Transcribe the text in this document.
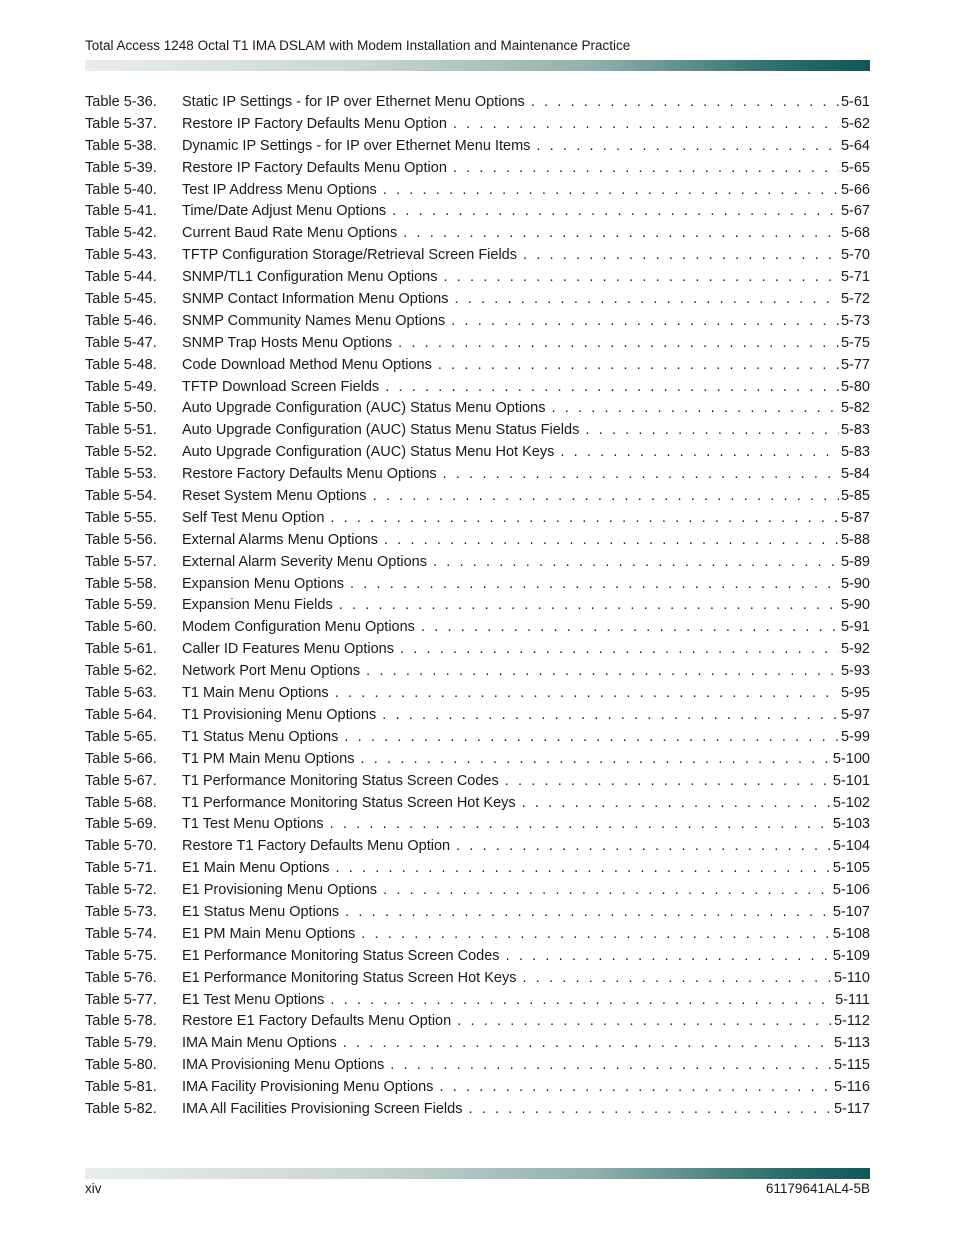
Total Access 1248 Octal T1 IMA DSLAM with Modem Installation and Maintenance Practice
Table 5-36. Static IP Settings - for IP over Ethernet Menu Options . . .	5-61
Table 5-37. Restore IP Factory Defaults Menu Option . . .	5-62
Table 5-38. Dynamic IP Settings - for IP over Ethernet Menu Items . . .	5-64
Table 5-39. Restore IP Factory Defaults Menu Option . . .	5-65
Table 5-40. Test IP Address Menu Options . . .	5-66
Table 5-41. Time/Date Adjust Menu Options . . .	5-67
Table 5-42. Current Baud Rate Menu Options . . .	5-68
Table 5-43. TFTP Configuration Storage/Retrieval Screen Fields . . .	5-70
Table 5-44. SNMP/TL1 Configuration Menu Options . . .	5-71
Table 5-45. SNMP Contact Information Menu Options . . .	5-72
Table 5-46. SNMP Community Names Menu Options . . .	5-73
Table 5-47. SNMP Trap Hosts Menu Options . . .	5-75
Table 5-48. Code Download Method Menu Options . . .	5-77
Table 5-49. TFTP Download Screen Fields . . .	5-80
Table 5-50. Auto Upgrade Configuration (AUC) Status Menu Options . . .	5-82
Table 5-51. Auto Upgrade Configuration (AUC) Status Menu Status Fields . . .	5-83
Table 5-52. Auto Upgrade Configuration (AUC) Status Menu Hot Keys . . .	5-83
Table 5-53. Restore Factory Defaults Menu Options . . .	5-84
Table 5-54. Reset System Menu Options . . .	5-85
Table 5-55. Self Test Menu Option . . .	5-87
Table 5-56. External Alarms Menu Options . . .	5-88
Table 5-57. External Alarm Severity Menu Options . . .	5-89
Table 5-58. Expansion Menu Options . . .	5-90
Table 5-59. Expansion Menu Fields . . .	5-90
Table 5-60. Modem Configuration Menu Options . . .	5-91
Table 5-61. Caller ID Features Menu Options . . .	5-92
Table 5-62. Network Port Menu Options . . .	5-93
Table 5-63. T1 Main Menu Options . . .	5-95
Table 5-64. T1 Provisioning Menu Options . . .	5-97
Table 5-65. T1 Status Menu Options . . .	5-99
Table 5-66. T1 PM Main Menu Options . . .	5-100
Table 5-67. T1 Performance Monitoring Status Screen Codes . . .	5-101
Table 5-68. T1 Performance Monitoring Status Screen Hot Keys . . .	5-102
Table 5-69. T1 Test Menu Options . . .	5-103
Table 5-70. Restore T1 Factory Defaults Menu Option . . .	5-104
Table 5-71. E1 Main Menu Options . . .	5-105
Table 5-72. E1 Provisioning Menu Options . . .	5-106
Table 5-73. E1 Status Menu Options . . .	5-107
Table 5-74. E1 PM Main Menu Options . . .	5-108
Table 5-75. E1 Performance Monitoring Status Screen Codes . . .	5-109
Table 5-76. E1 Performance Monitoring Status Screen Hot Keys . . .	5-110
Table 5-77. E1 Test Menu Options . . .	5-111
Table 5-78. Restore E1 Factory Defaults Menu Option . . .	5-112
Table 5-79. IMA Main Menu Options . . .	5-113
Table 5-80. IMA Provisioning Menu Options . . .	5-115
Table 5-81. IMA Facility Provisioning Menu Options . . .	5-116
Table 5-82. IMA All Facilities Provisioning Screen Fields . . .	5-117
xiv	61179641AL4-5B
